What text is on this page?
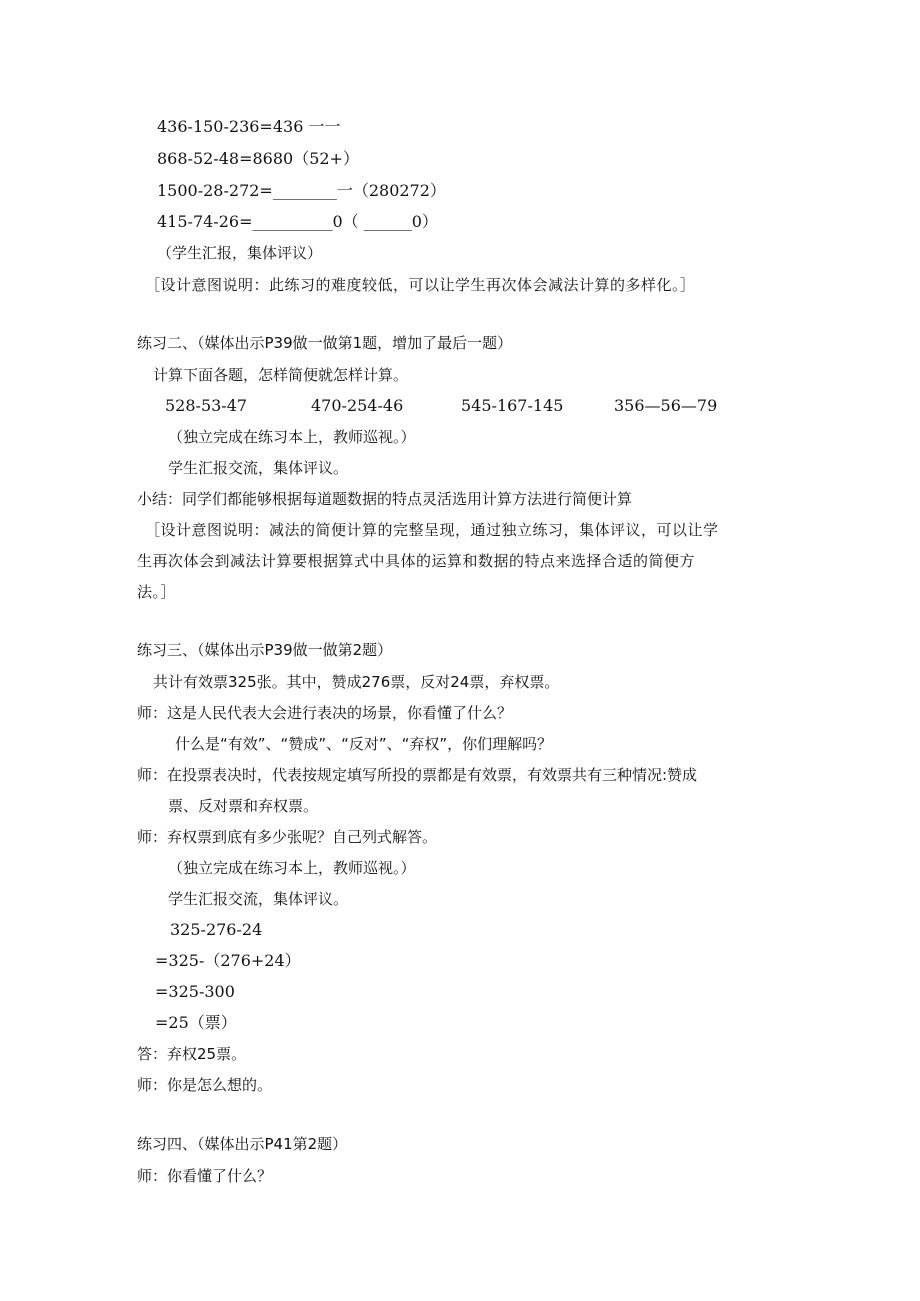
436-150-236=436 一一
868-52-48=8680（52+）
1500-28-272=________一（280272）
415-74-26=__________0（ ______0）
（学生汇报，集体评议）
［设计意图说明：此练习的难度较低，可以让学生再次体会减法计算的多样化。］
练习二、（媒体出示P39做一做第1题，增加了最后一题）
计算下面各题，怎样简便就怎样计算。
528-53-47	470-254-46	545-167-145	356—56—79
（独立完成在练习本上，教师巡视。）
学生汇报交流，集体评议。
小结：同学们都能够根据每道题数据的特点灵活选用计算方法进行简便计算
［设计意图说明：减法的简便计算的完整呈现，通过独立练习，集体评议，可以让学
生再次体会到减法计算要根据算式中具体的运算和数据的特点来选择合适的简便方
法。］
练习三、（媒体出示P39做一做第2题）
共计有效票325张。其中，赞成276票，反对24票，弃权票。
师：这是人民代表大会进行表决的场景，你看懂了什么？
什么是“有效”、“赞成”、“反对”、“弃权”，你们理解吗？
师：在投票表决时，代表按规定填写所投的票都是有效票，有效票共有三种情况:赞成
票、反对票和弃权票。
师：弃权票到底有多少张呢？自己列式解答。
（独立完成在练习本上，教师巡视。）
学生汇报交流，集体评议。
325-276-24
=325-（276+24）
=325-300
=25（票）
答：弃权25票。
师：你是怎么想的。
练习四、（媒体出示P41第2题）
师：你看懂了什么？
